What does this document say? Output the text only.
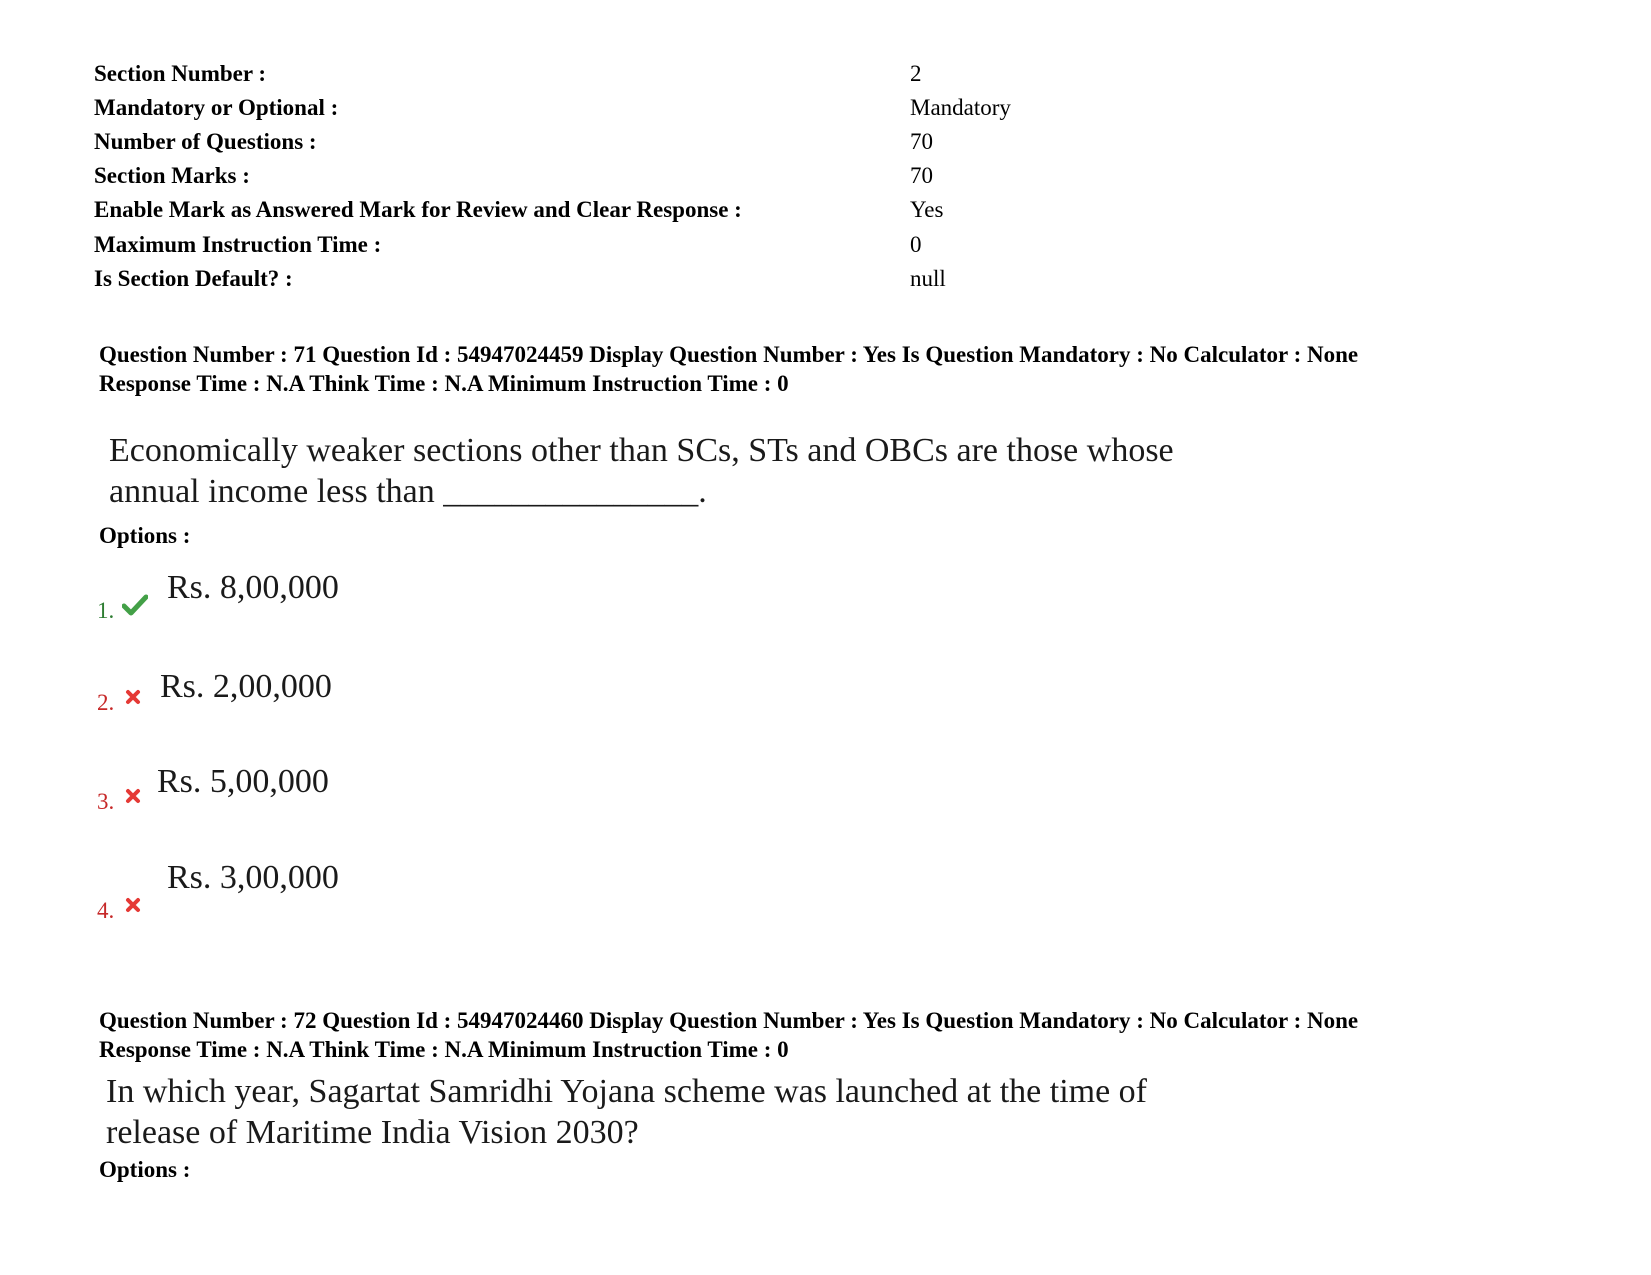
Section Number :	2
Mandatory or Optional :	Mandatory
Number of Questions :	70
Section Marks :	70
Enable Mark as Answered Mark for Review and Clear Response :	Yes
Maximum Instruction Time :	0
Is Section Default? :	null
Question Number : 71 Question Id : 54947024459 Display Question Number : Yes Is Question Mandatory : No Calculator : None
Response Time : N.A Think Time : N.A Minimum Instruction Time : 0
Economically weaker sections other than SCs, STs and OBCs are those whose
annual income less than _______________.
Options :
1.
Rs. 8,00,000
2. Rs. 2,00,000
3.
Rs. 5,00,000
4.
Rs. 3,00,000
Question Number : 72 Question Id : 54947024460 Display Question Number : Yes Is Question Mandatory : No Calculator : None
Response Time : N.A Think Time : N.A Minimum Instruction Time : 0
In which year, Sagartat Samridhi Yojana scheme was launched at the time of
release of Maritime India Vision 2030?
Options :
